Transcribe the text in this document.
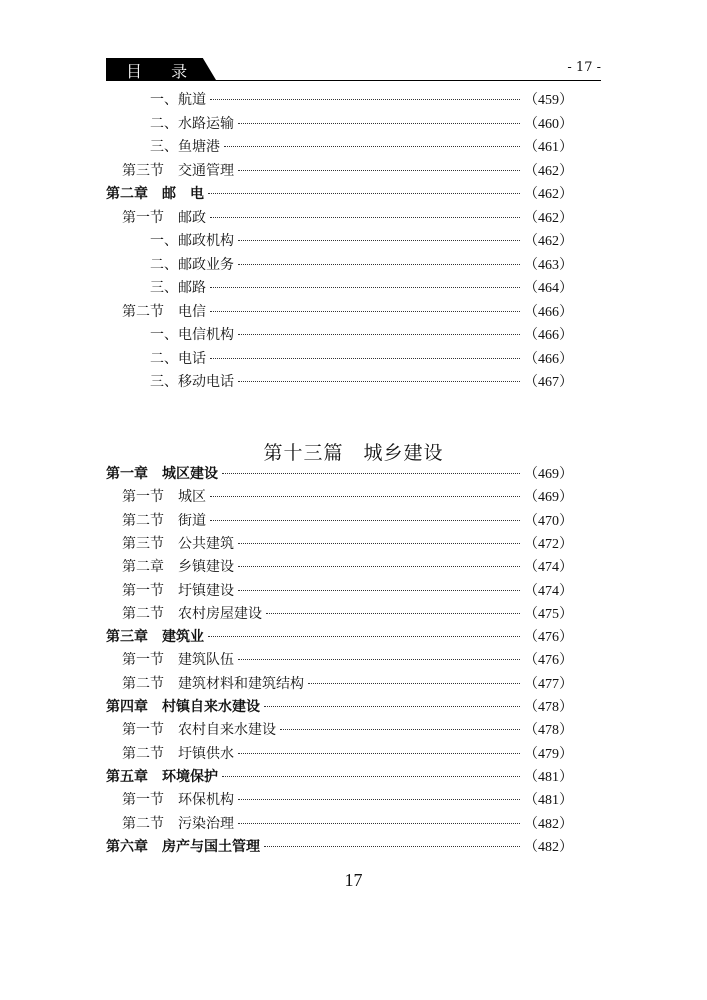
目 录	- 17 -
一、 航道	（459）
二、 水路运输	（460）
三、 鱼塘港	（461）
第三节 交通管理	（462）
第二章 邮　电	（462）
第一节 邮政	（462）
一、 邮政机构	（462）
二、 邮政业务	（463）
三、 邮路	（464）
第二节 电信	（466）
一、 电信机构	（466）
二、 电话	（466）
三、 移动电话	（467）
第十三篇　城乡建设
第一章 城区建设	（469）
第一节 城区	（469）
第二节 街道	（470）
第三节 公共建筑	（472）
第二章 乡镇建设	（474）
第一节 圩镇建设	（474）
第二节 农村房屋建设	（475）
第三章 建筑业	（476）
第一节 建筑队伍	（476）
第二节 建筑材料和建筑结构	（477）
第四章 村镇自来水建设	（478）
第一节 农村自来水建设	（478）
第二节 圩镇供水	（479）
第五章 环境保护	（481）
第一节 环保机构	（481）
第二节 污染治理	（482）
第六章 房产与国土管理	（482）
17
